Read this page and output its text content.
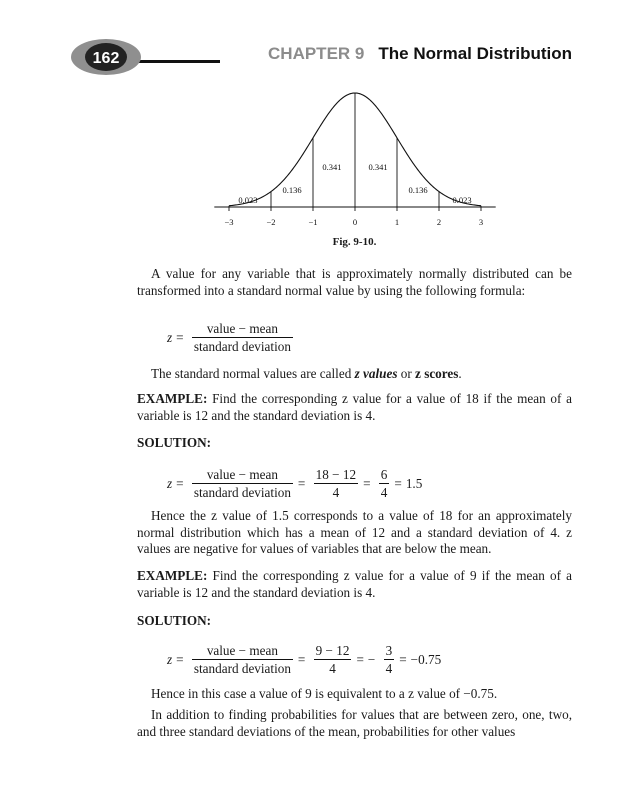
162	CHAPTER 9 The Normal Distribution
0.023
0.136
0.341	0.341
0.136
0.023
−3	−2	−1	0	1	2	3
Fig. 9-10.
A value for any variable that is approximately normally distributed can be transformed into a standard normal value by using the following formula:
$z = \frac{\text{value − mean}}{\text{standard deviation}}$
The standard normal values are called z values or z scores.
EXAMPLE: Find the corresponding z value for a value of 18 if the mean of a variable is 12 and the standard deviation is 4.
SOLUTION:
$z = \frac{\text{value − mean}}{\text{standard deviation}} = \frac{18 - 12}{4} = \frac{6}{4} = 1.5$
Hence the z value of 1.5 corresponds to a value of 18 for an approximately normal distribution which has a mean of 12 and a standard deviation of 4. z values are negative for values of variables that are below the mean.
EXAMPLE: Find the corresponding z value for a value of 9 if the mean of a variable is 12 and the standard deviation is 4.
SOLUTION:
$z = \frac{\text{value − mean}}{\text{standard deviation}} = \frac{9 - 12}{4}$ = − $\frac{3}{4} = -0.75$
Hence in this case a value of 9 is equivalent to a z value of −0.75.
In addition to finding probabilities for values that are between zero, one, two, and three standard deviations of the mean, probabilities for other values
